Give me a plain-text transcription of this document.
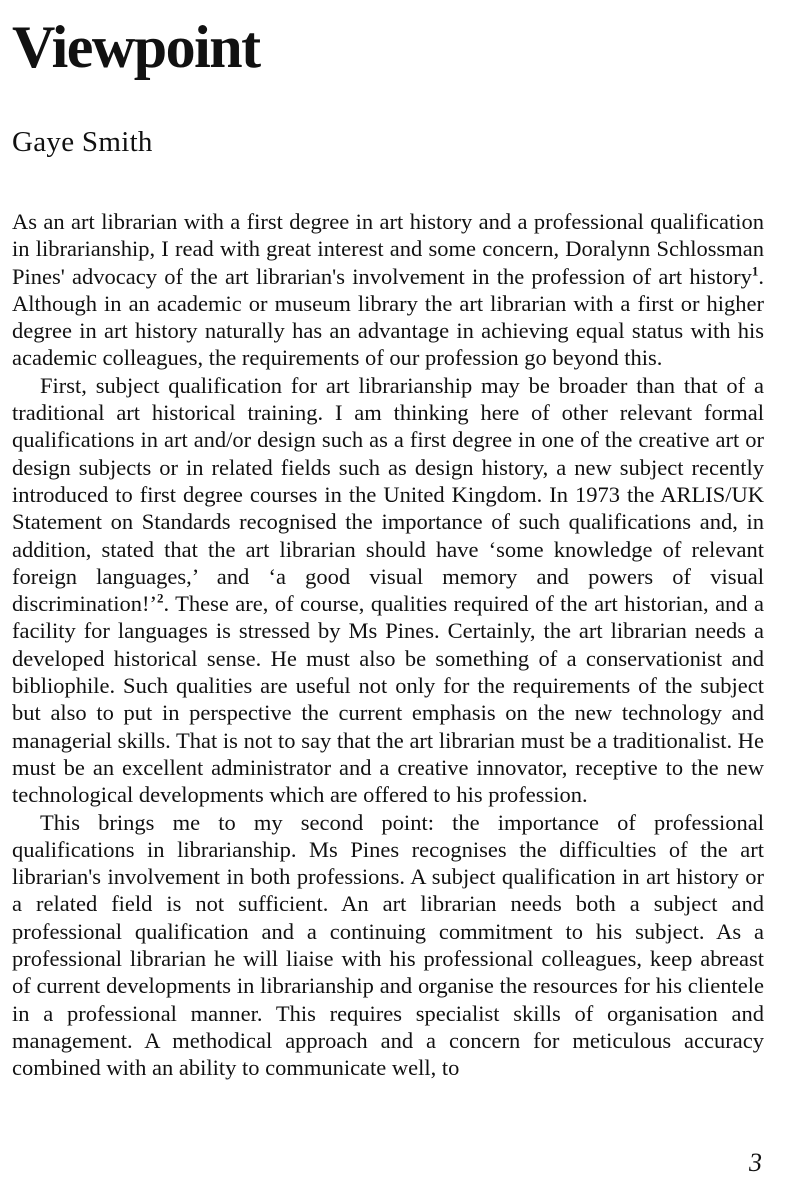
Viewpoint
Gaye Smith

As an art librarian with a first degree in art history and a professional qualification in librarianship, I read with great interest and some concern, Doralynn Schlossman Pines' advocacy of the art librarian's involvement in the profession of art history$^1$. Although in an academic or museum library the art librarian with a first or higher degree in art history naturally has an advantage in achieving equal status with his academic colleagues, the requirements of our profession go beyond this.

First, subject qualification for art librarianship may be broader than that of a traditional art historical training. I am thinking here of other relevant formal qualifications in art and/or design such as a first degree in one of the creative art or design subjects or in related fields such as design history, a new subject recently introduced to first degree courses in the United Kingdom. In 1973 the ARLIS/UK Statement on Standards recognised the importance of such qualifications and, in addition, stated that the art librarian should have ‘some knowledge of relevant foreign languages,’ and ‘a good visual memory and powers of visual discrimination!’$^2$. These are, of course, qualities required of the art historian, and a facility for languages is stressed by Ms Pines. Certainly, the art librarian needs a developed historical sense. He must also be something of a conservationist and bibliophile. Such qualities are useful not only for the requirements of the subject but also to put in perspective the current emphasis on the new technology and managerial skills. That is not to say that the art librarian must be a traditionalist. He must be an excellent administrator and a creative innovator, receptive to the new technological developments which are offered to his profession.

This brings me to my second point: the importance of professional qualifications in librarianship. Ms Pines recognises the difficulties of the art librarian's involvement in both professions. A subject qualification in art history or a related field is not sufficient. An art librarian needs both a subject and professional qualification and a continuing commitment to his subject. As a professional librarian he will liaise with his professional colleagues, keep abreast of current developments in librarianship and organise the resources for his clientele in a professional manner. This requires specialist skills of organisation and management. A methodical approach and a concern for meticulous accuracy combined with an ability to communicate well, to

3
